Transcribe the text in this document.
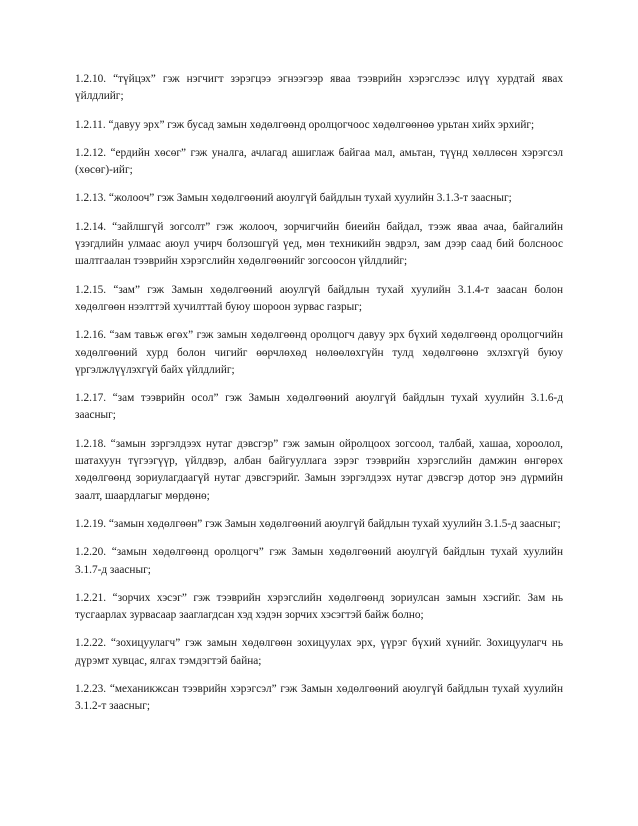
1.2.10. “түйцэх” гэж нэгчигт зэрэгцээ эгнээгээр яваа тээврийн хэрэгслээс илүү хурдтай явах үйлдлийг;

1.2.11. “давуу эрх” гэж бусад замын хөдөлгөөнд оролцогчоос хөдөлгөөнөө урьтан хийх эрхийг;

1.2.12. “ердийн хөсөг” гэж уналга, ачлагад ашиглаж байгаа мал, амьтан, түүнд хөллөсөн хэрэгсэл (хөсөг)-ийг;

1.2.13. “жолооч” гэж Замын хөдөлгөөний аюулгүй байдлын тухай хуулийн 3.1.3-т заасныг;

1.2.14. “зайлшгүй зогсолт” гэж жолооч, зорчигчийн биеийн байдал, тээж яваа ачаа, байгалийн үзэгдлийн улмаас аюул учирч болзошгүй үед, мөн техникийн эвдрэл, зам дээр саад бий болсноос шалтгаалан тээврийн хэрэгслийн хөдөлгөөнийг зогсоосон үйлдлийг;

1.2.15. “зам” гэж Замын хөдөлгөөний аюулгүй байдлын тухай хуулийн 3.1.4-т заасан болон хөдөлгөөн нээлттэй хучилттай буюу шороон зурвас газрыг;

1.2.16. “зам тавьж өгөх” гэж замын хөдөлгөөнд оролцогч давуу эрх бүхий хөдөлгөөнд оролцогчийн хөдөлгөөний хурд болон чигийг өөрчлөхөд нөлөөлөхгүйн тулд хөдөлгөөнө эхлэхгүй буюу үргэлжлүүлэхгүй байх үйлдлийг;

1.2.17. “зам тээврийн осол” гэж Замын хөдөлгөөний аюулгүй байдлын тухай хуулийн 3.1.6-д заасныг;

1.2.18. “замын зэргэлдээх нутаг дэвсгэр” гэж замын ойролцоох зогсоол, талбай, хашаа, хороолол, шатахуун түгээгүүр, үйлдвэр, албан байгууллага зэрэг тээврийн хэрэгслийн дамжин өнгөрөх хөдөлгөөнд зориулагдаагүй нутаг дэвсгэрийг. Замын зэргэлдээх нутаг дэвсгэр дотор энэ дүрмийн заалт, шаардлагыг мөрдөнө;

1.2.19. “замын хөдөлгөөн” гэж Замын хөдөлгөөний аюулгүй байдлын тухай хуулийн 3.1.5-д заасныг;

1.2.20. “замын хөдөлгөөнд оролцогч” гэж Замын хөдөлгөөний аюулгүй байдлын тухай хуулийн 3.1.7-д заасныг;

1.2.21. “зорчих хэсэг” гэж тээврийн хэрэгслийн хөдөлгөөнд зориулсан замын хэсгийг. Зам нь тусгаарлах зурвасаар зааглагдсан хэд хэдэн зорчих хэсэгтэй байж болно;

1.2.22. “зохицуулагч” гэж замын хөдөлгөөн зохицуулах эрх, үүрэг бүхий хүнийг. Зохицуулагч нь дүрэмт хувцас, ялгах тэмдэгтэй байна;

1.2.23. “механикжсан тээврийн хэрэгсэл” гэж Замын хөдөлгөөний аюулгүй байдлын тухай хуулийн 3.1.2-т заасныг;
